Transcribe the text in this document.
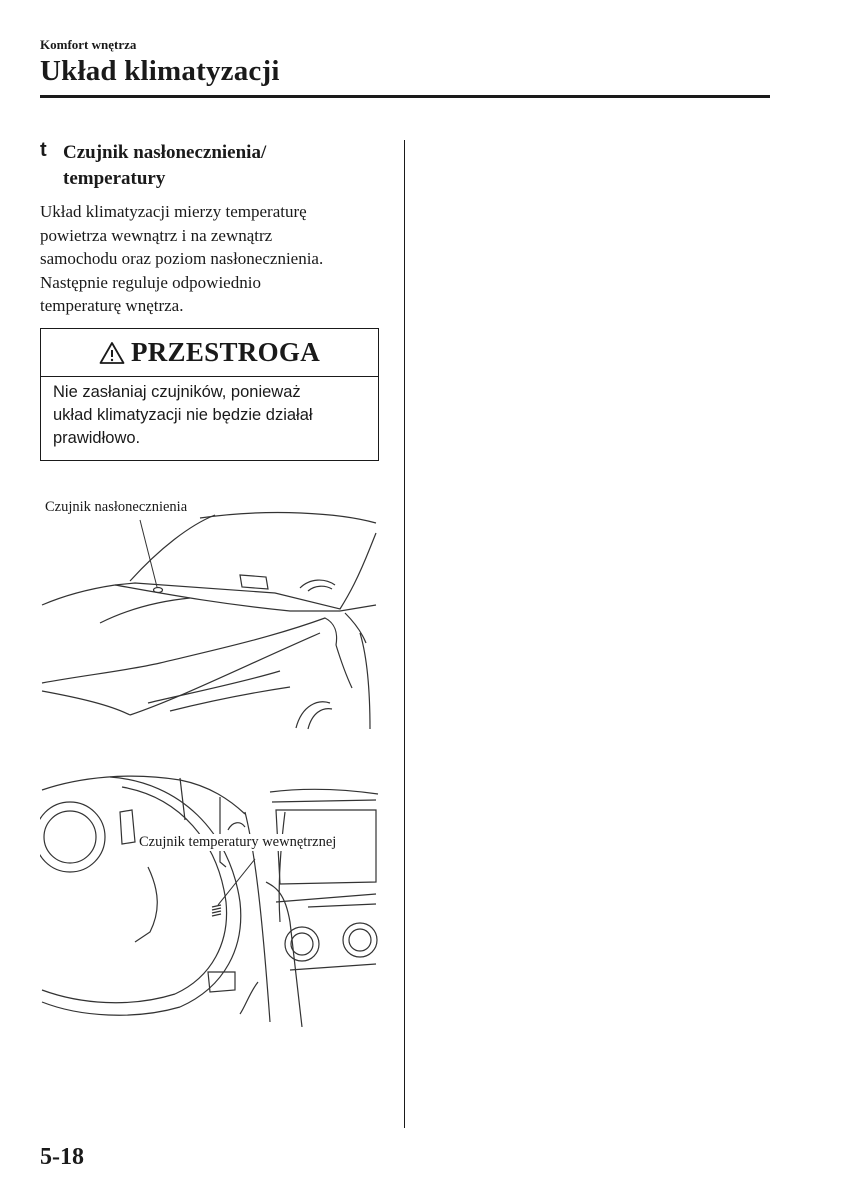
Komfort wnętrza
Układ klimatyzacji
t Czujnik nasłonecznienia/
temperatury
Układ klimatyzacji mierzy temperaturę
powietrza wewnątrz i na zewnątrz
samochodu oraz poziom nasłonecznienia.
Następnie reguluje odpowiednio
temperaturę wnętrza.
PRZESTROGA
Nie zasłaniaj czujników, ponieważ
układ klimatyzacji nie będzie działał
prawidłowo.
Czujnik nasłonecznienia
Czujnik temperatury wewnętrznej
5-18
